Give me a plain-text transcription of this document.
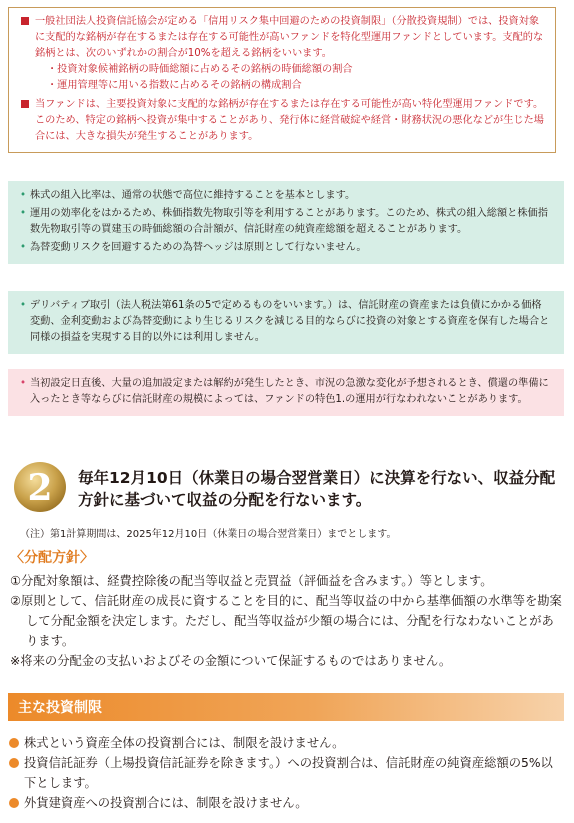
一般社団法人投資信託協会が定める「信用リスク集中回避のための投資制限」（分散投資規制）では、投資対象に支配的な銘柄が存在するまたは存在する可能性が高いファンドを特化型運用ファンドとしています。支配的な銘柄とは、次のいずれかの割合が10%を超える銘柄をいいます。
・投資対象候補銘柄の時価総額に占めるその銘柄の時価総額の割合
・運用管理等に用いる指数に占めるその銘柄の構成割合
当ファンドは、主要投資対象に支配的な銘柄が存在するまたは存在する可能性が高い特化型運用ファンドです。このため、特定の銘柄へ投資が集中することがあり、発行体に経営破綻や経営・財務状況の悪化などが生じた場合には、大きな損失が発生することがあります。
• 株式の組入比率は、通常の状態で高位に維持することを基本とします。
• 運用の効率化をはかるため、株価指数先物取引等を利用することがあります。このため、株式の組入総額と株価指数先物取引等の買建玉の時価総額の合計額が、信託財産の純資産総額を超えることがあります。
• 為替変動リスクを回避するための為替ヘッジは原則として行ないません。
• デリバティブ取引（法人税法第61条の5で定めるものをいいます。）は、信託財産の資産または負債にかかる価格変動、金利変動および為替変動により生じるリスクを減じる目的ならびに投資の対象とする資産を保有した場合と同様の損益を実現する目的以外には利用しません。
• 当初設定日直後、大量の追加設定または解約が発生したとき、市況の急激な変化が予想されるとき、償還の準備に入ったとき等ならびに信託財産の規模によっては、ファンドの特色1.の運用が行なわれないことがあります。
2 毎年12月10日（休業日の場合翌営業日）に決算を行ない、収益分配方針に基づいて収益の分配を行ないます。
（注）第1計算期間は、2025年12月10日（休業日の場合翌営業日）までとします。
〈分配方針〉
①分配対象額は、経費控除後の配当等収益と売買益（評価益を含みます。）等とします。
②原則として、信託財産の成長に資することを目的に、配当等収益の中から基準価額の水準等を勘案して分配金額を決定します。ただし、配当等収益が少額の場合には、分配を行なわないことがあります。
※将来の分配金の支払いおよびその金額について保証するものではありません。
主な投資制限
株式という資産全体の投資割合には、制限を設けません。
投資信託証券（上場投資信託証券を除きます。）への投資割合は、信託財産の純資産総額の5%以下とします。
外貨建資産への投資割合には、制限を設けません。
